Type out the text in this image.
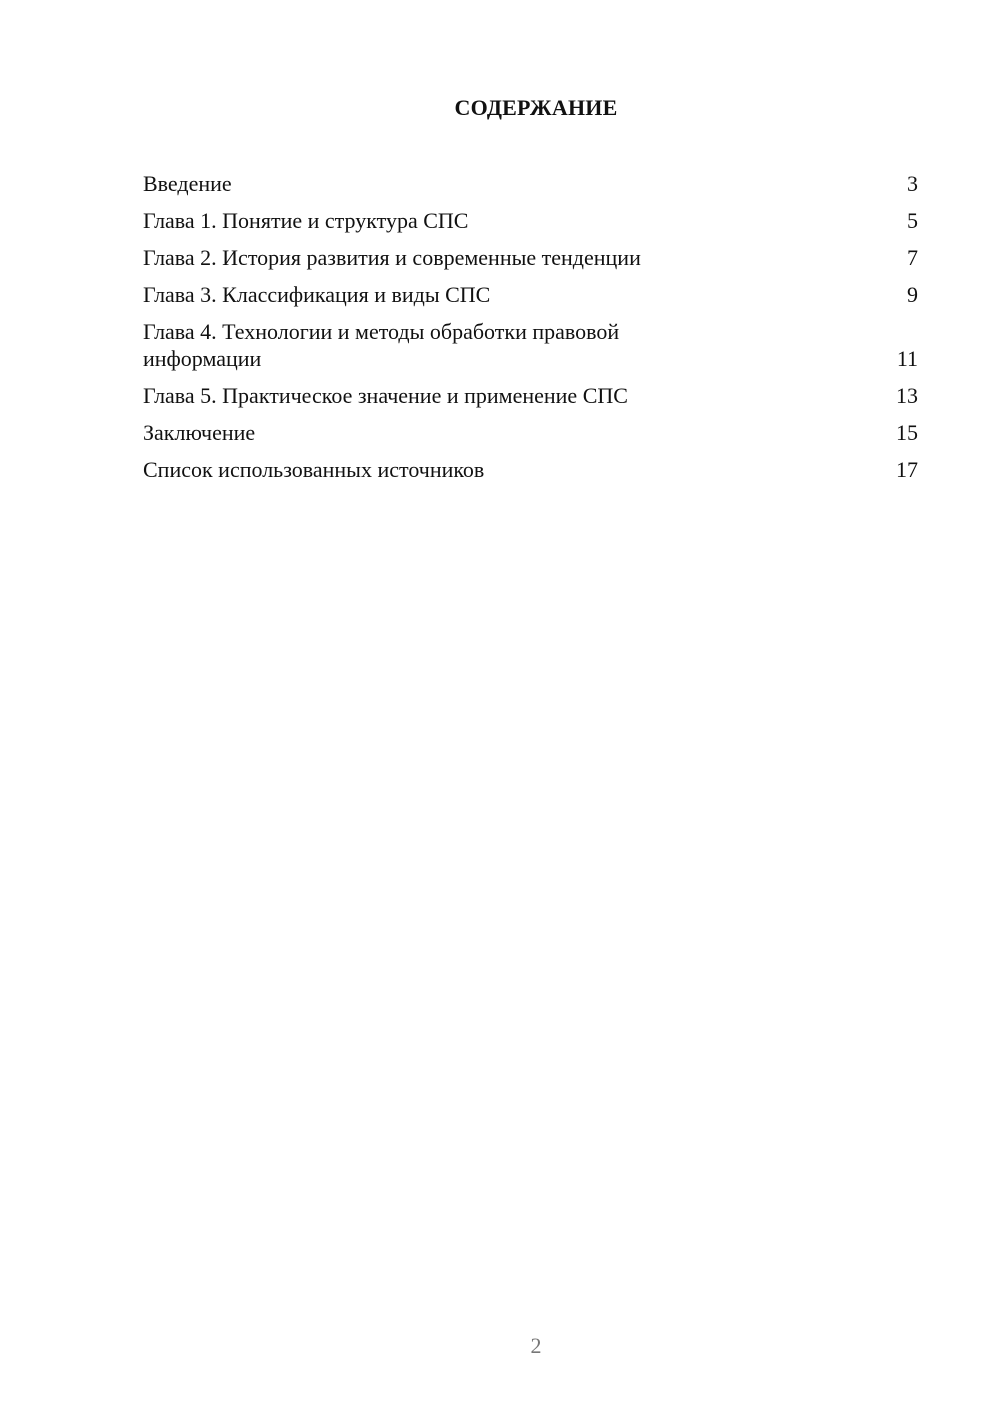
СОДЕРЖАНИЕ
Введение	3
Глава 1. Понятие и структура СПС	5
Глава 2. История развития и современные тенденции	7
Глава 3. Классификация и виды СПС	9
Глава 4. Технологии и методы обработки правовой информации	11
Глава 5. Практическое значение и применение СПС	13
Заключение	15
Список использованных источников	17
2
